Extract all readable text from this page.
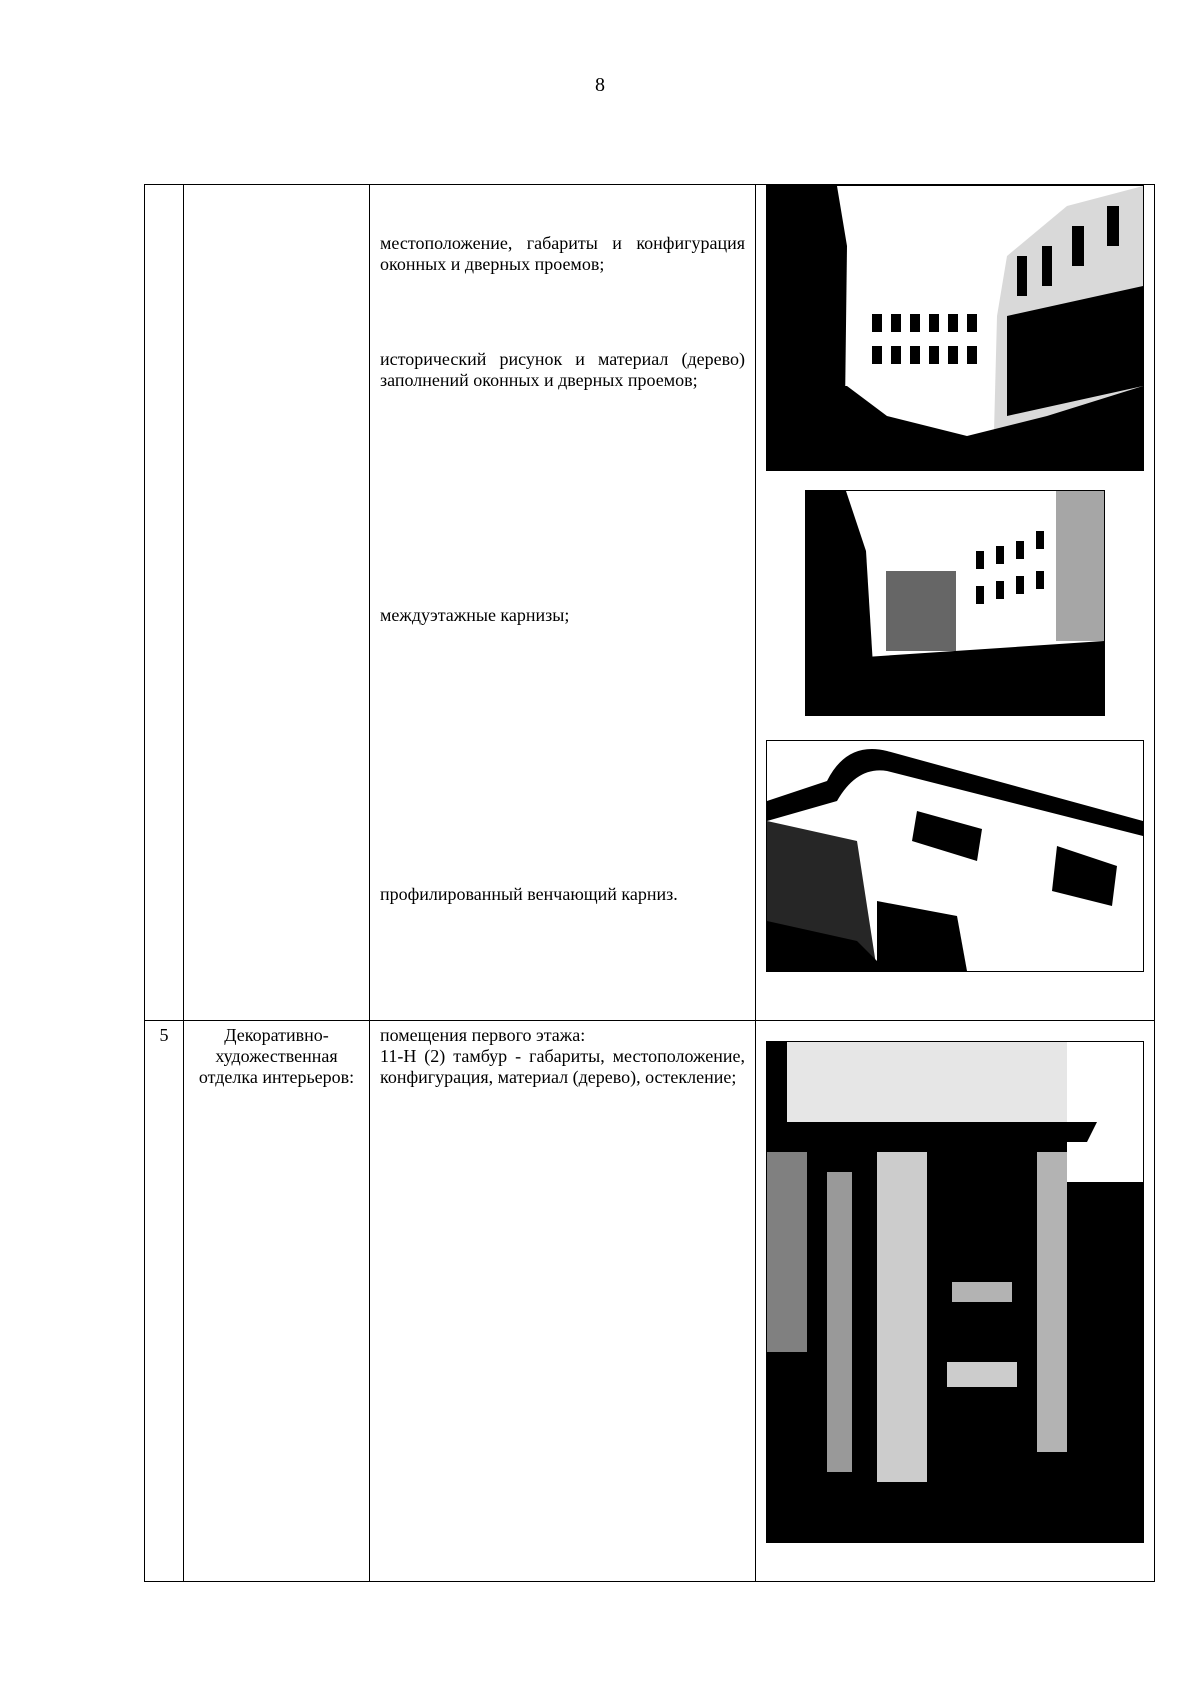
8

		местоположение, габариты и конфигурация оконных и дверных проемов;
исторический рисунок и материал (дерево) заполнений оконных и дверных проемов;
междуэтажные карнизы;
профилированный венчающий карниз.

5	Декоративно-художественная отделка интерьеров:	помещения первого этажа:
11-Н (2) тамбур - габариты, местоположение, конфигурация, материал (дерево), остекление;
